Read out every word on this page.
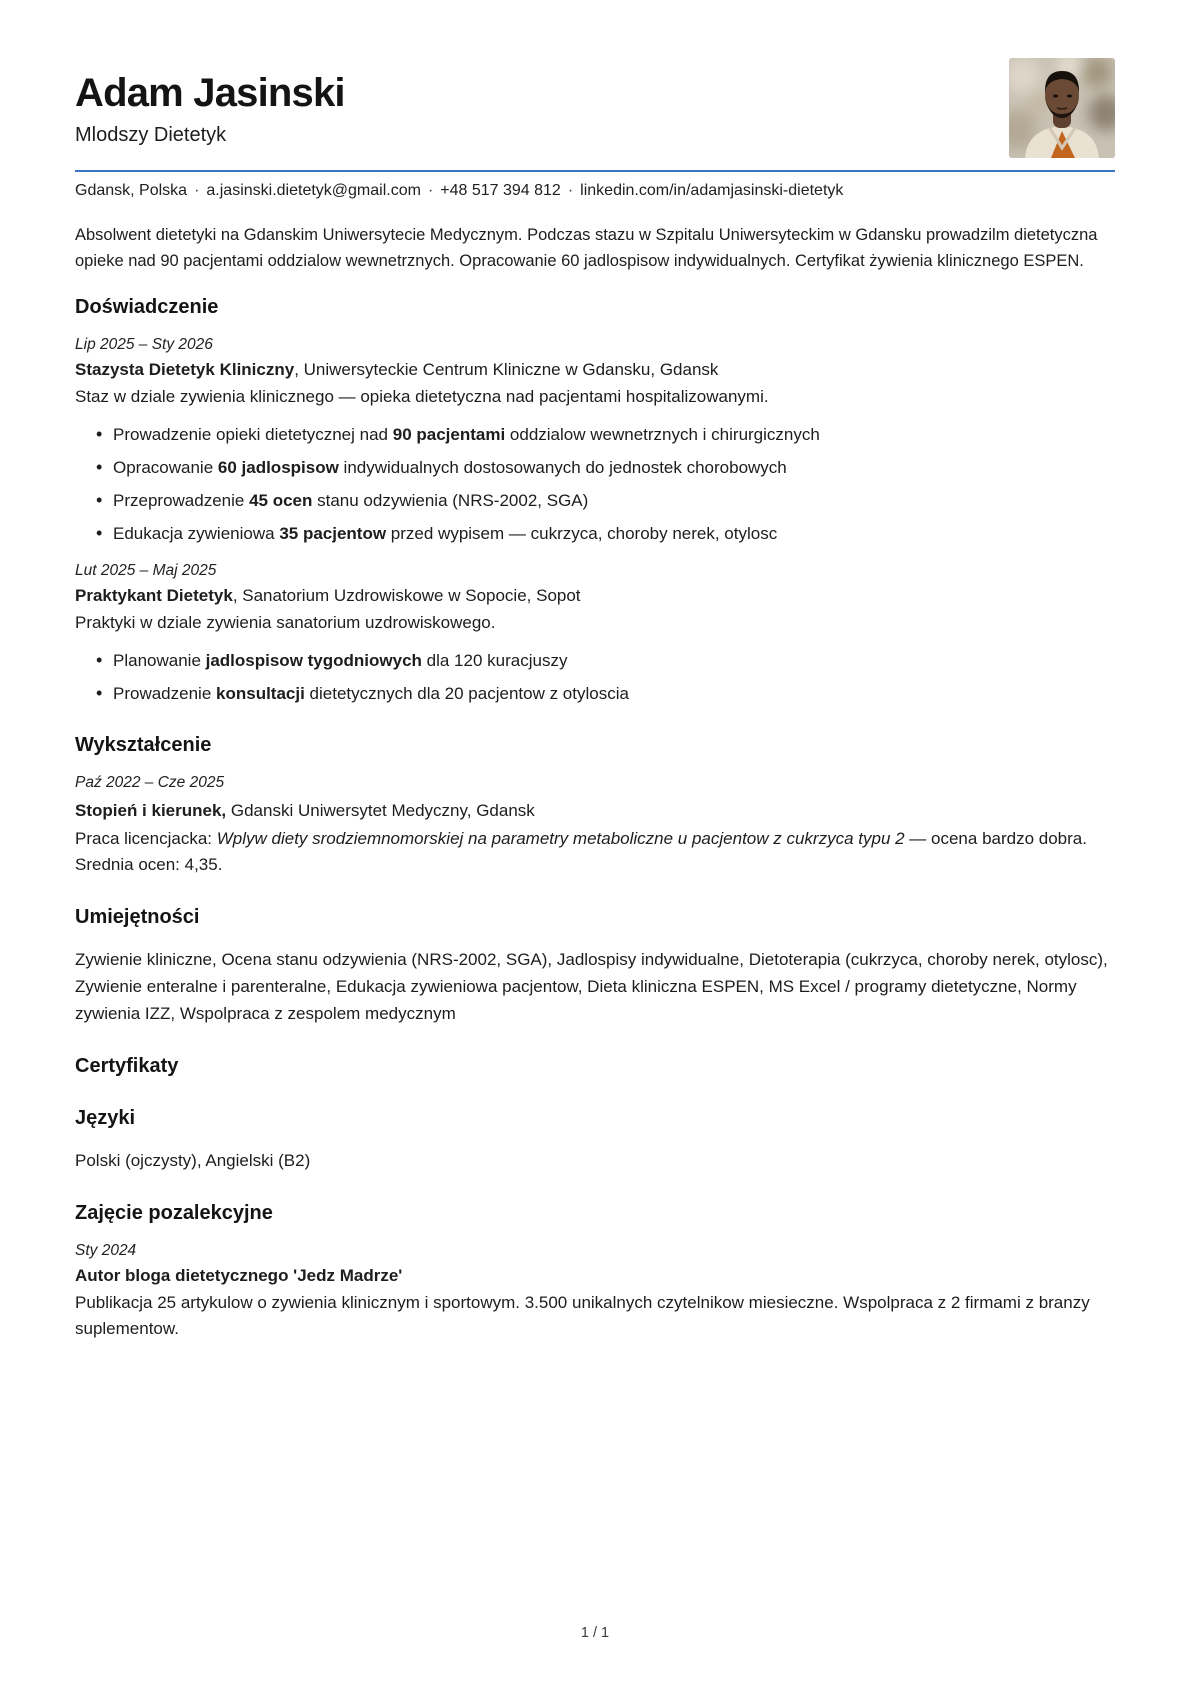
Adam Jasinski
Mlodszy Dietetyk
Gdansk, Polska · a.jasinski.dietetyk@gmail.com · +48 517 394 812 · linkedin.com/in/adamjasinski-dietetyk

Absolwent dietetyki na Gdanskim Uniwersytecie Medycznym. Podczas stazu w Szpitalu Uniwersyteckim w Gdansku prowadzilm dietetyczna opieke nad 90 pacjentami oddzialow wewnetrznych. Opracowanie 60 jadlospisow indywidualnych. Certyfikat żywienia klinicznego ESPEN.

Doświadczenie
Lip 2025 – Sty 2026
Stazysta Dietetyk Kliniczny, Uniwersyteckie Centrum Kliniczne w Gdansku, Gdansk
Staz w dziale zywienia klinicznego — opieka dietetyczna nad pacjentami hospitalizowanymi.
• Prowadzenie opieki dietetycznej nad 90 pacjentami oddzialow wewnetrznych i chirurgicznych
• Opracowanie 60 jadlospisow indywidualnych dostosowanych do jednostek chorobowych
• Przeprowadzenie 45 ocen stanu odzywienia (NRS-2002, SGA)
• Edukacja zywieniowa 35 pacjentow przed wypisem — cukrzyca, choroby nerek, otylosc
Lut 2025 – Maj 2025
Praktykant Dietetyk, Sanatorium Uzdrowiskowe w Sopocie, Sopot
Praktyki w dziale zywienia sanatorium uzdrowiskowego.
• Planowanie jadlospisow tygodniowych dla 120 kuracjuszy
• Prowadzenie konsultacji dietetycznych dla 20 pacjentow z otyloscia
Wykształcenie
Paź 2022 – Cze 2025
Stopień i kierunek, Gdanski Uniwersytet Medyczny, Gdansk
Praca licencjacka: Wplyw diety srodziemnomorskiej na parametry metaboliczne u pacjentow z cukrzyca typu 2 — ocena bardzo dobra. Srednia ocen: 4,35.
Umiejętności

Zywienie kliniczne, Ocena stanu odzywienia (NRS-2002, SGA), Jadlospisy indywidualne, Dietoterapia (cukrzyca, choroby nerek, otylosc), Zywienie enteralne i parenteralne, Edukacja zywieniowa pacjentow, Dieta kliniczna ESPEN, MS Excel / programy dietetyczne, Normy zywienia IZZ, Wspolpraca z zespolem medycznym

Certyfikaty
Języki

Polski (ojczysty), Angielski (B2)

Zajęcie pozalekcyjne
Sty 2024
Autor bloga dietetycznego 'Jedz Madrze'
Publikacja 25 artykulow o zywienia klinicznym i sportowym. 3.500 unikalnych czytelnikow miesieczne. Wspolpraca z 2 firmami z branzy suplementow.
1 / 1
